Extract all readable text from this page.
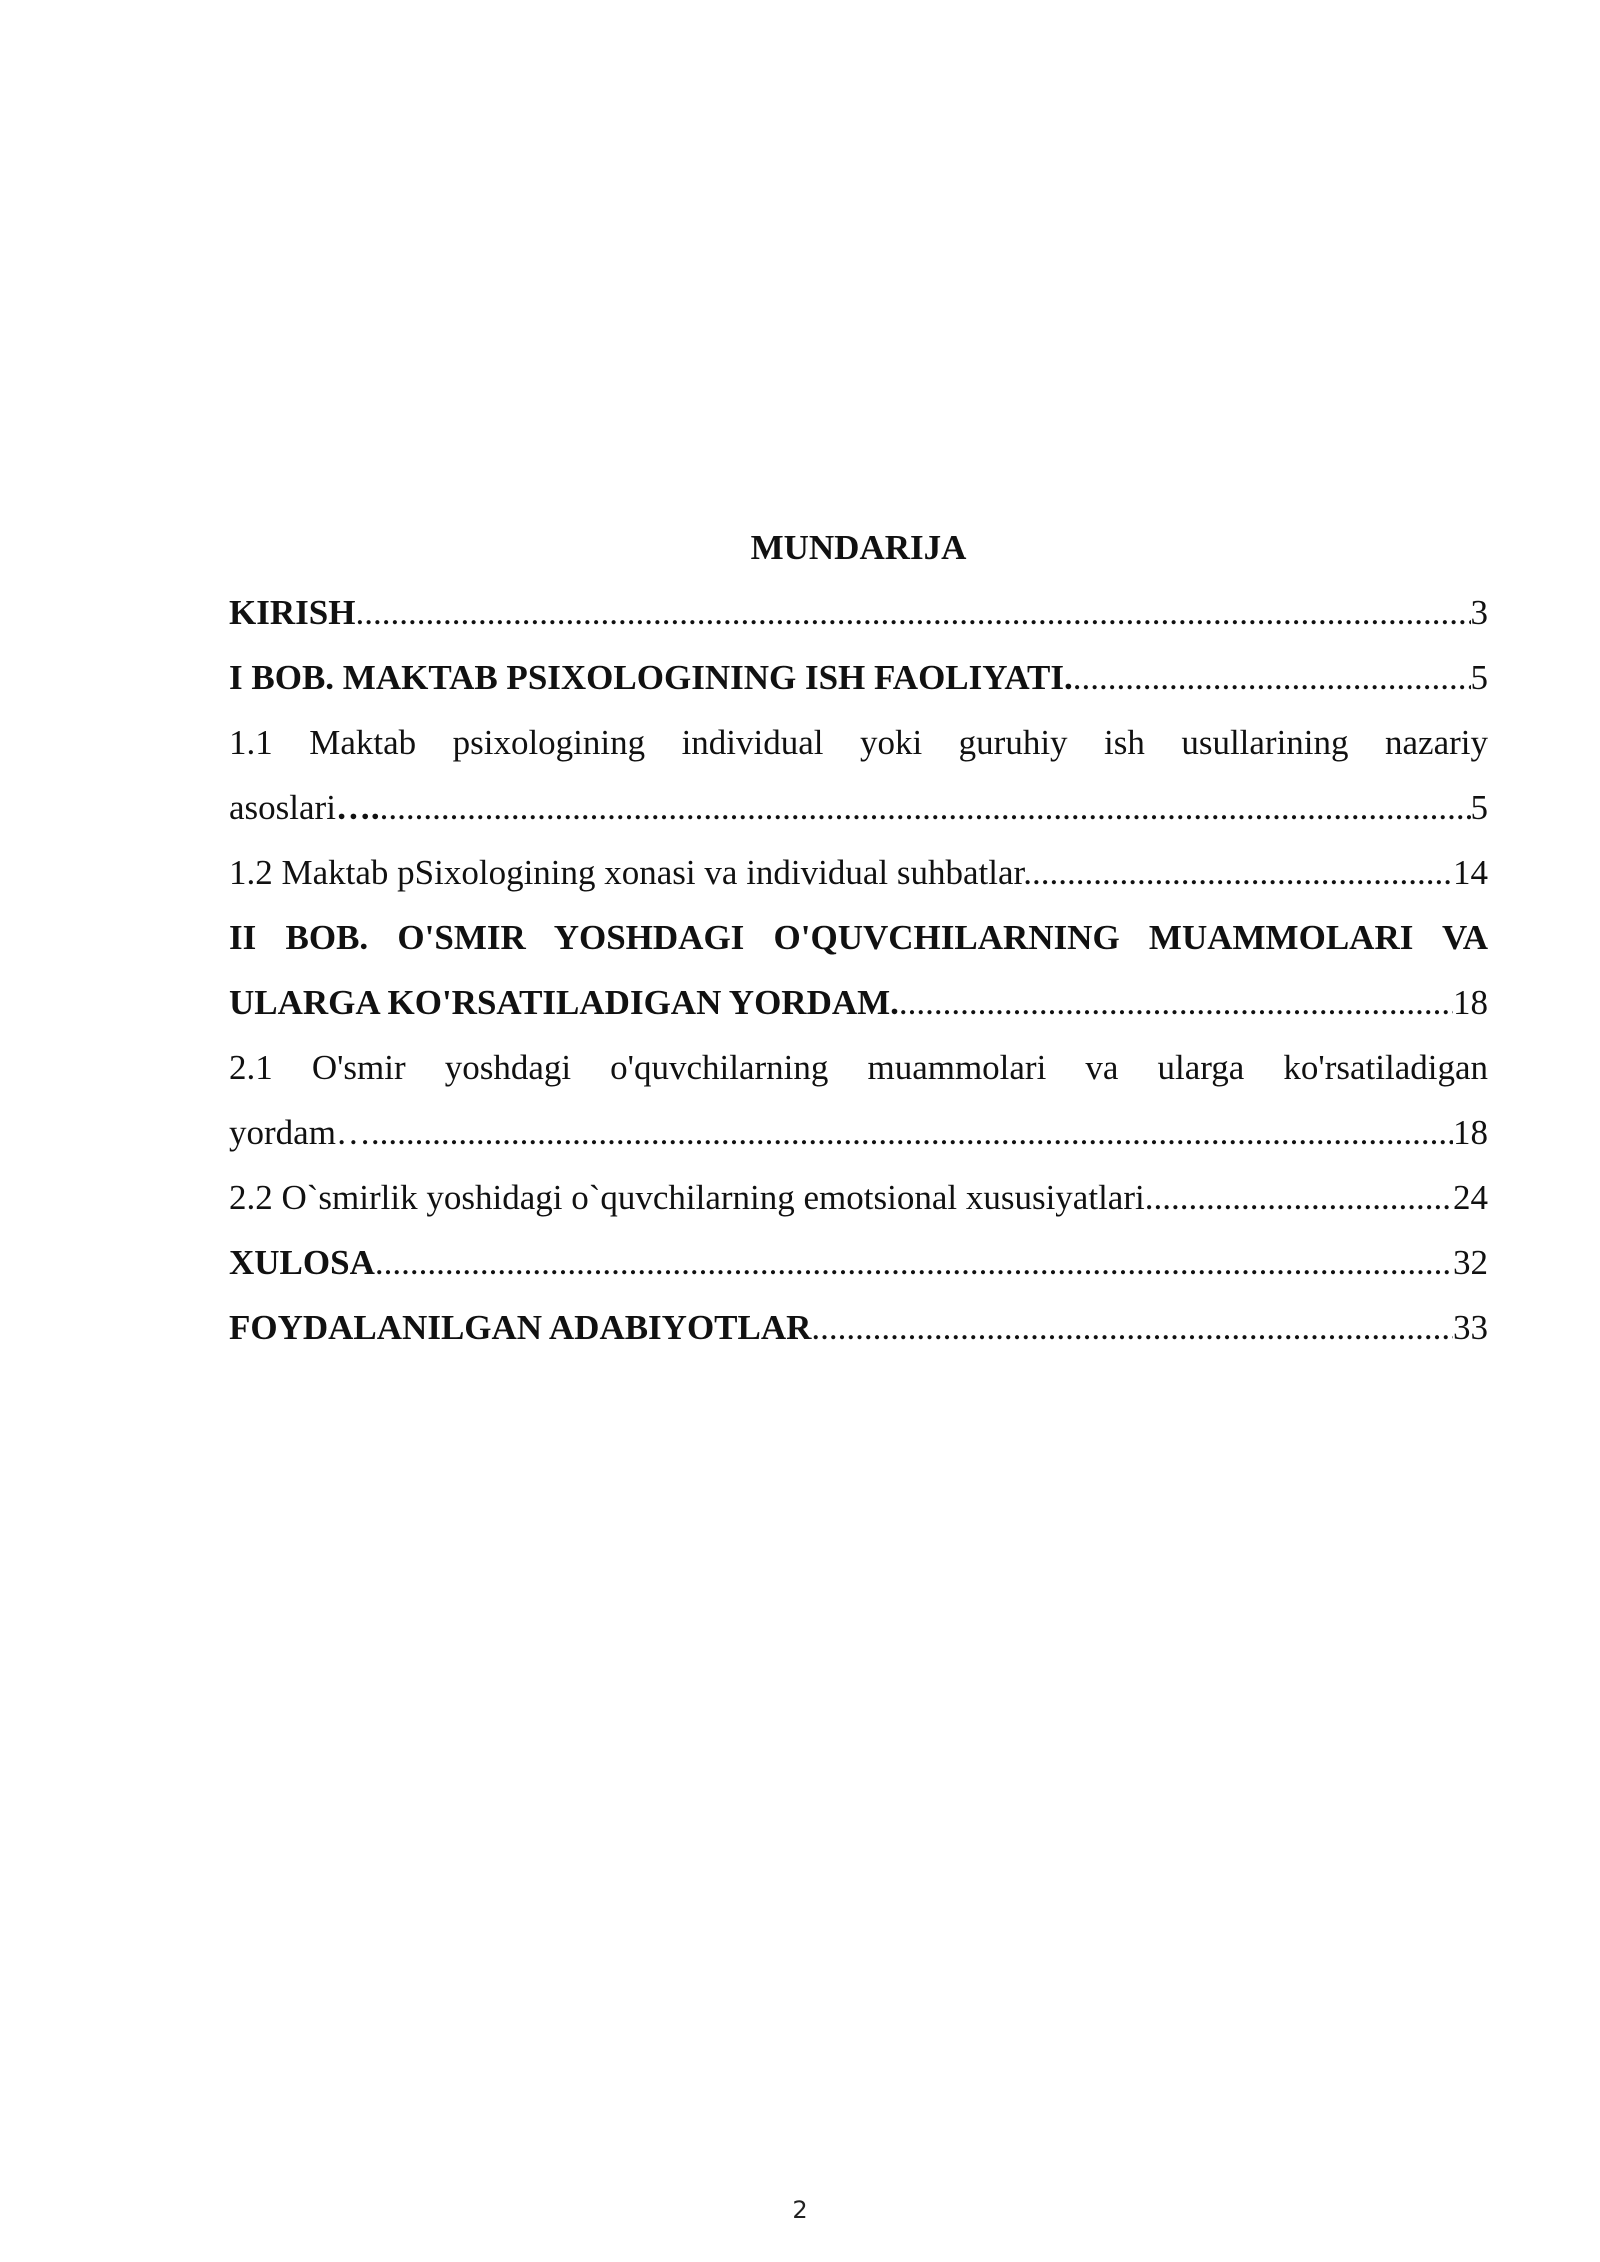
MUNDARIJA
KIRISH .....	3
I BOB. MAKTAB PSIXOLOGINING ISH FAOLIYATI. .....	5
1.1 Maktab psixologining individual yoki guruhiy ish usullarining nazariy
asoslari…. .....	5
1.2 Maktab pSixologining xonasi va individual suhbatlar. .....	14
II BOB. O'SMIR YOSHDAGI O'QUVCHILARNING MUAMMOLARI VA
ULARGA KO'RSATILADIGAN YORDAM. .....	18
2.1 O'smir yoshdagi o'quvchilarning muammolari va ularga ko'rsatiladigan
yordam… .....	18
2.2 O`smirlik yoshidagi o`quvchilarning emotsional xususiyatlari. .....	24
XULOSA .....	32
FOYDALANILGAN ADABIYOTLAR .....	33
2
